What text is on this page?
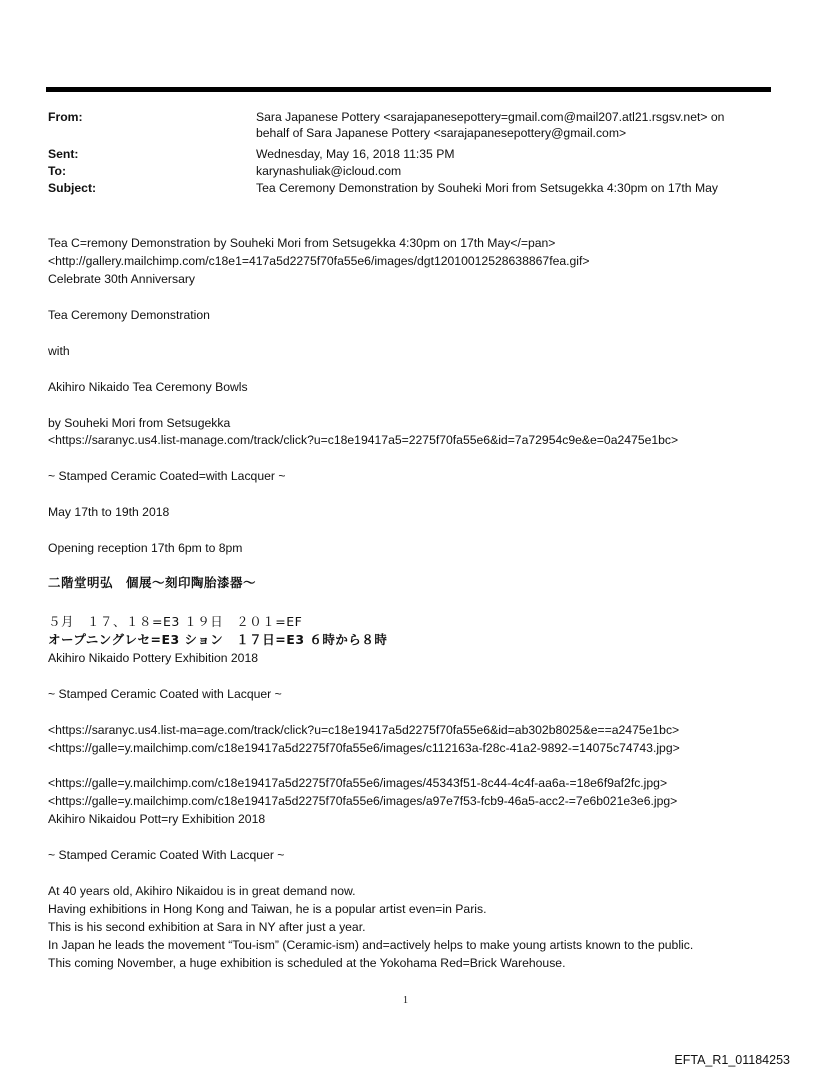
From:	Sara Japanese Pottery <sarajapanesepottery=gmail.com@mail207.atl21.rsgsv.net> on
behalf of Sara Japanese Pottery <sarajapanesepottery@gmail.com>
Sent:	Wednesday, May 16, 2018 11:35 PM
To:	karynashuliak@icloud.com
Subject:	Tea Ceremony Demonstration by Souheki Mori from Setsugekka 4:30pm on 17th May
Tea C=remony Demonstration by Souheki Mori from Setsugekka 4:30pm on 17th May</=pan>
<http://gallery.mailchimp.com/c18e1=417a5d2275f70fa55e6/images/dgt12010012528638867fea.gif>
Celebrate 30th Anniversary
Tea Ceremony Demonstration
with
Akihiro Nikaido Tea Ceremony Bowls
by Souheki Mori from Setsugekka
<https://saranyc.us4.list-manage.com/track/click?u=c18e19417a5=2275f70fa55e6&id=7a72954c9e&e=0a2475e1bc>
~ Stamped Ceramic Coated=with Lacquer ~
May 17th to 19th 2018
Opening reception 17th 6pm to 8pm
二階堂明弘　個展～刻印陶胎漆器～
５月　１７、１８=E3 １９日　２０１=EF
オープニングレセ=E3 ション　１７日=E3 ６時から８時
Akihiro Nikaido Pottery Exhibition 2018
~ Stamped Ceramic Coated with Lacquer ~
<https://saranyc.us4.list-ma=age.com/track/click?u=c18e19417a5d2275f70fa55e6&id=ab302b8025&e==a2475e1bc>
<https://galle=y.mailchimp.com/c18e19417a5d2275f70fa55e6/images/c112163a-f28c-41a2-9892-=14075c74743.jpg>
<https://galle=y.mailchimp.com/c18e19417a5d2275f70fa55e6/images/45343f51-8c44-4c4f-aa6a-=18e6f9af2fc.jpg>
<https://galle=y.mailchimp.com/c18e19417a5d2275f70fa55e6/images/a97e7f53-fcb9-46a5-acc2-=7e6b021e3e6.jpg>
Akihiro Nikaidou Pott=ry Exhibition 2018
~ Stamped Ceramic Coated With Lacquer ~
At 40 years old, Akihiro Nikaidou is in great demand now.
Having exhibitions in Hong Kong and Taiwan, he is a popular artist even=in Paris.
This is his second exhibition at Sara in NY after just a year.
In Japan he leads the movement “Tou-ism” (Ceramic-ism) and=actively helps to make young artists known to the public.
This coming November, a huge exhibition is scheduled at the Yokohama Red=Brick Warehouse.
1
EFTA_R1_01184253
